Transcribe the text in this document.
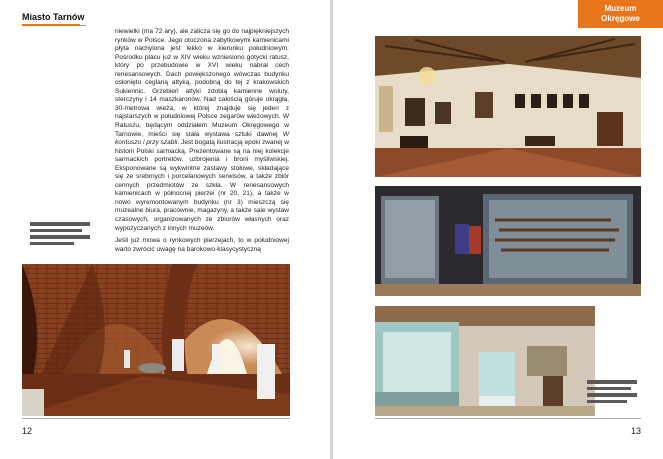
Miasto Tarnów

niewielki (ma 72 ary), ale zalicza się go do najpiękniejszych rynków w Polsce. Jego otoczona zabytkowymi kamienicami płyta nachylona jest lekko w kierunku południowym. Pośrodku placu już w XIV wieku wzniesiono gotycki ratusz, który po przebudowie w XVI wieku nabrał cech renesansowych. Dach powiększonego wówczas budynku osłonięto ceglaną attyką, podobną do tej z krakowskich Sukiennic. Grzebień attyki zdobią kamienne woluty, sterczyny i 14 maszkaronów. Nad całością góruje okrągła, 30-metrowa wieża, w której znajduje się jeden z najstarszych w południowej Polsce zegarów wieżowych. W Ratuszu, będącym oddziałem Muzeum Okręgowego w Tarnowie, mieści się stała wystawa sztuki dawnej W kontuszu i przy szabli. Jest bogatą ilustracją epoki zwanej w historii Polski sarmacką. Prezentowane są na niej kolekcje sarmackich portretów, uzbrojenia i broni myśliwskiej. Eksponowane są wykwintne zastawy stołowe, składające się ze srebrnych i porcelanowych serwisów, a także zbiór cennych przedmiotów ze szkła. W renesansowych kamienicach w północnej pierzei (nr 20, 21), a także w nowo wyremontowanym budynku (nr 3) mieszczą się muzealne biura, pracownie, magazyny, a także sale wystaw czasowych, organizowanych ze zbiorów własnych oraz wypożyczanych z innych muzeów.

Jeśli już mowa o rynkowych pierzejach, to w południowej warto zwrócić uwagę na barokowo-klasycystyczną

12
Muzeum
Okręgowe
13
